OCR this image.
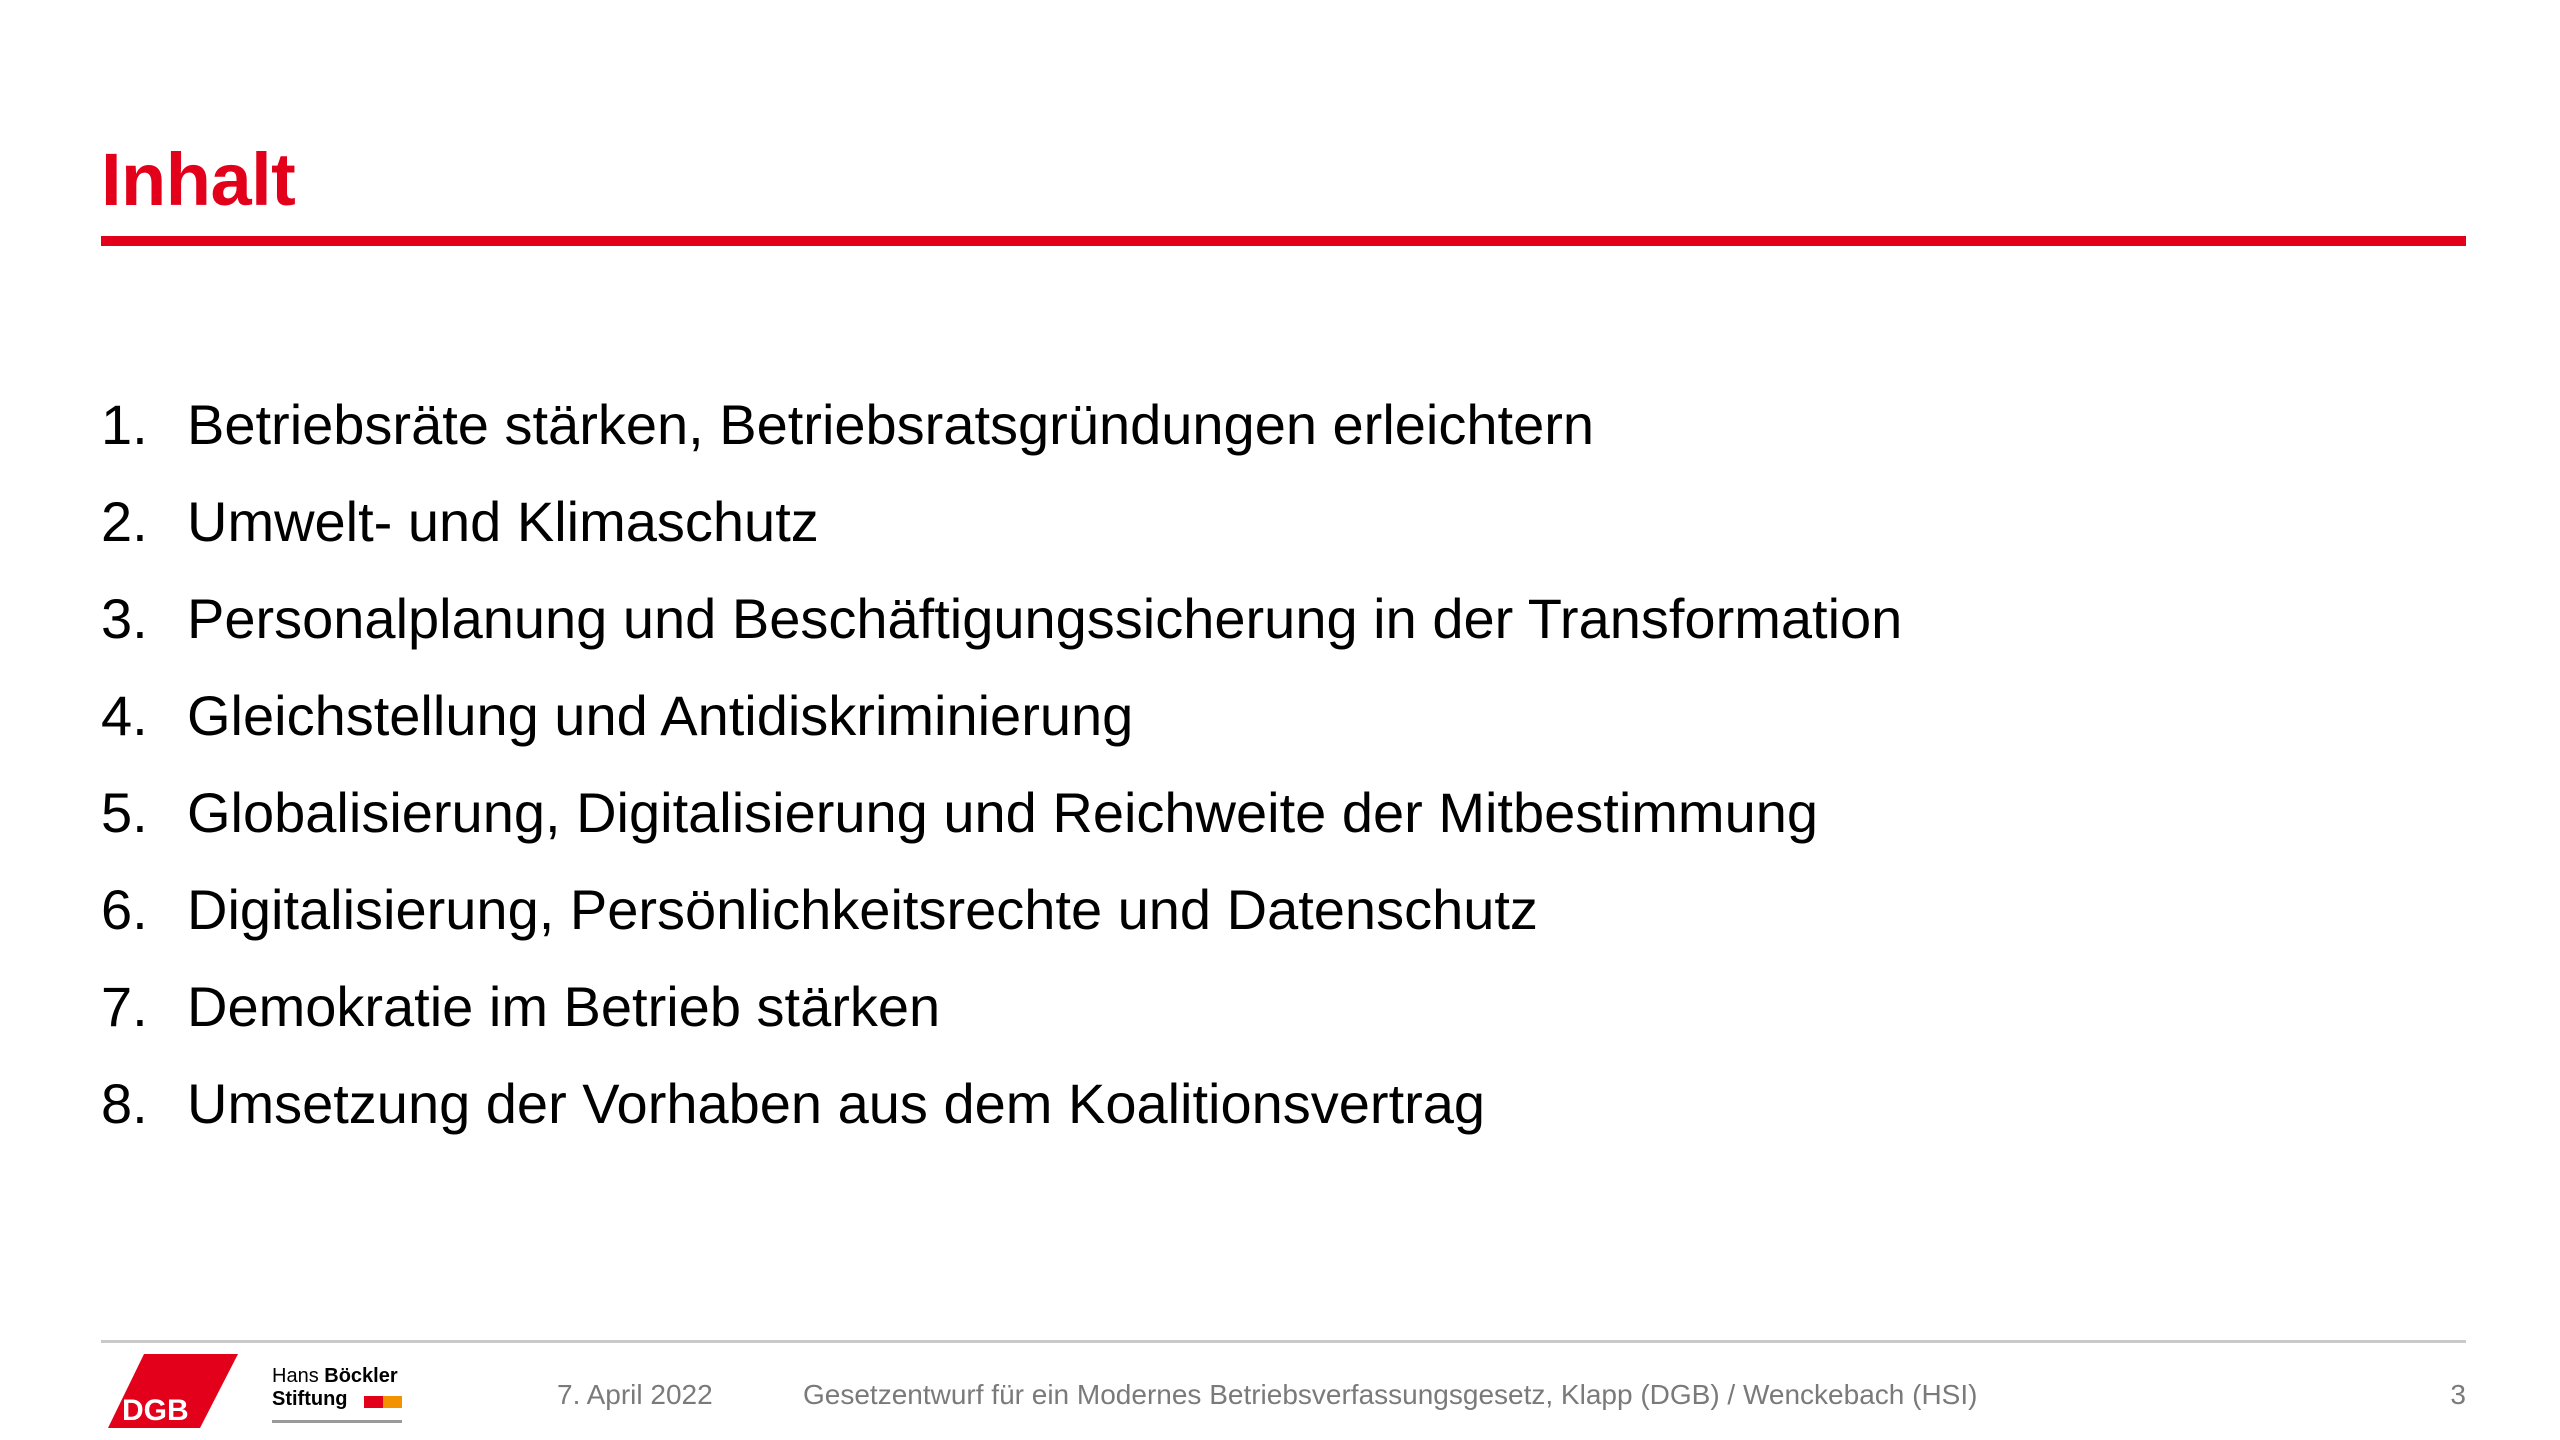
Inhalt
1. Betriebsräte stärken, Betriebsratsgründungen erleichtern
2. Umwelt- und Klimaschutz
3. Personalplanung und Beschäftigungssicherung in der Transformation
4. Gleichstellung und Antidiskriminierung
5. Globalisierung, Digitalisierung und Reichweite der Mitbestimmung
6. Digitalisierung, Persönlichkeitsrechte und Datenschutz
7. Demokratie im Betrieb stärken
8. Umsetzung der Vorhaben aus dem Koalitionsvertrag
DGB
Hans Böckler
Stiftung	7. April 2022	Gesetzentwurf für ein Modernes Betriebsverfassungsgesetz, Klapp (DGB) / Wenckebach (HSI)	3
